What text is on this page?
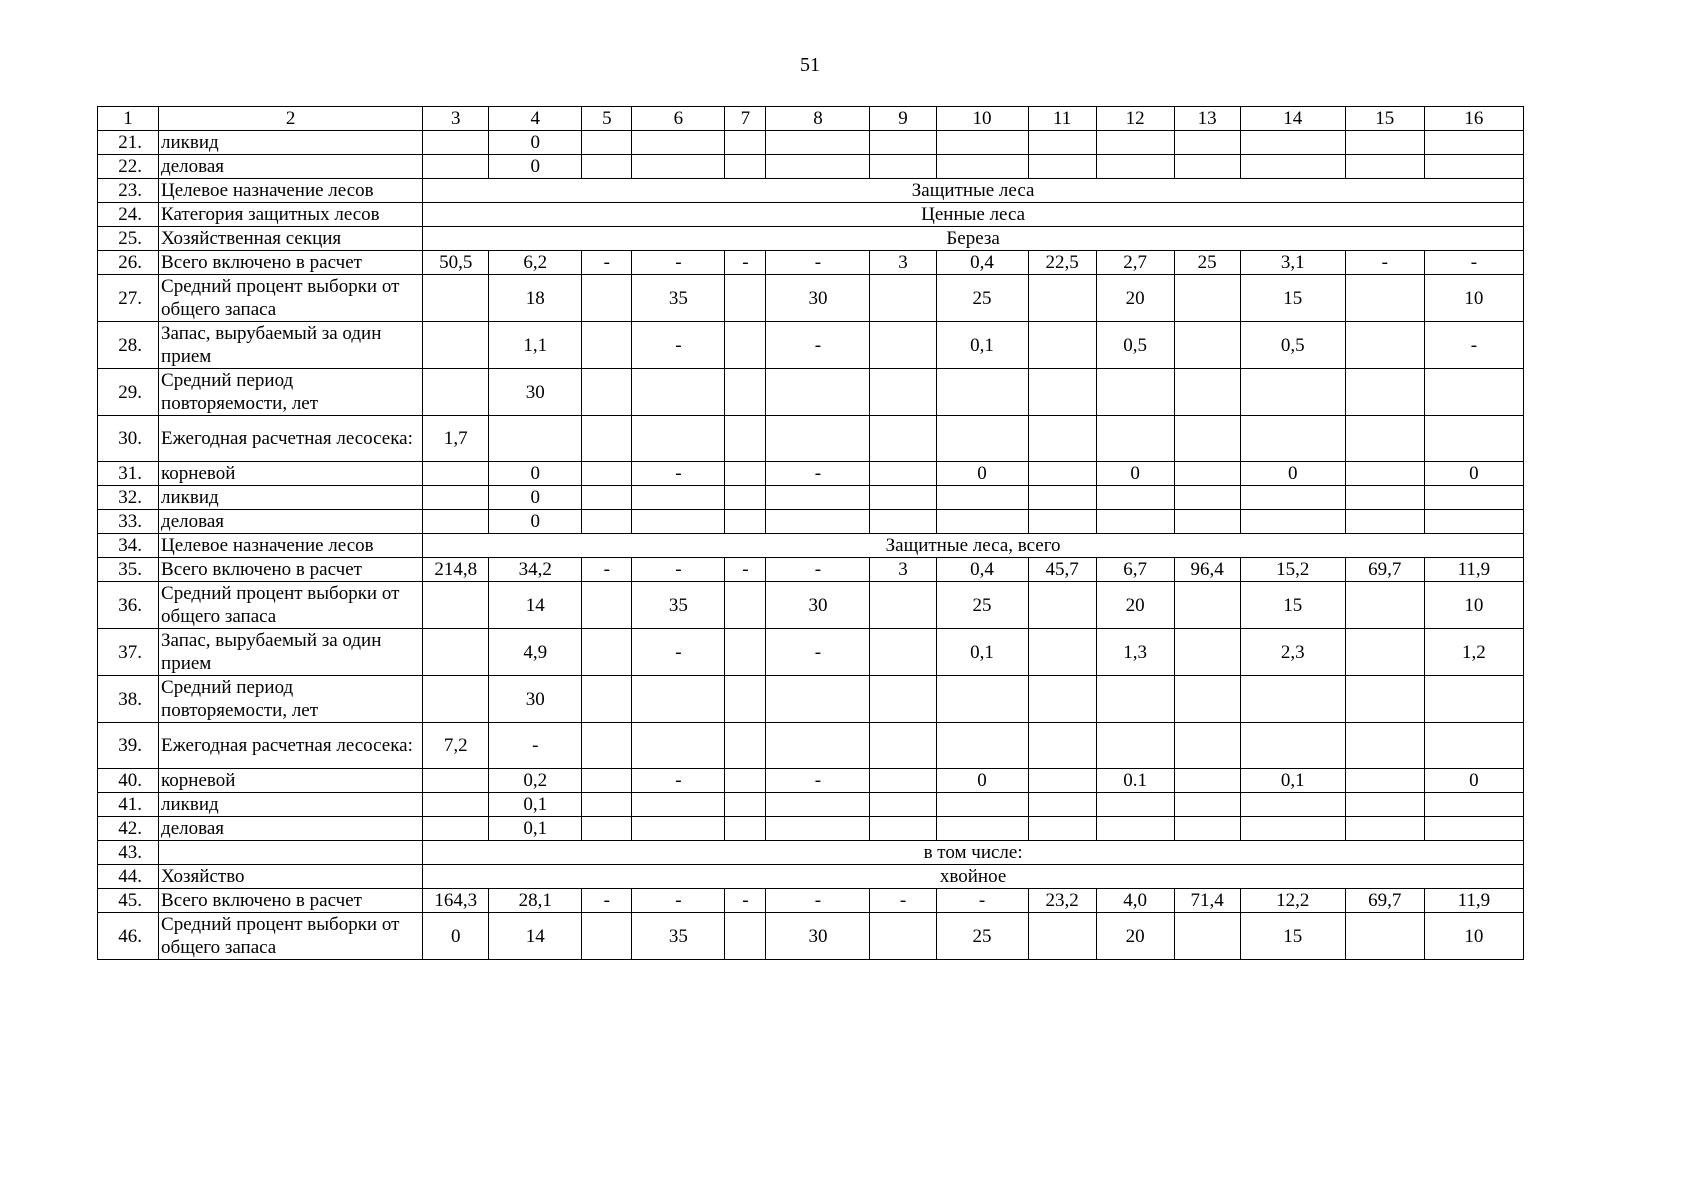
51
1	2	3	4	5	6	7	8	9	10	11	12	13	14	15	16
21.	ликвид		0												
22.	деловая		0												
23.	Целевое назначение лесов	Защитные леса													
24.	Категория защитных лесов	Ценные леса													
25.	Хозяйственная секция	Береза													
26.	Всего включено в расчет	50,5	6,2	-	-	-	-	3	0,4	22,5	2,7	25	3,1	-	-
27.	Средний процент выборки от общего запаса		18		35		30		25		20		15		10
28.	Запас, вырубаемый за один прием		1,1		-		-		0,1		0,5		0,5		-
29.	Средний период повторяемости, лет		30												
30.	Ежегодная расчетная лесосека:	1,7													
31.	корневой		0		-		-		0		0		0		0
32.	ликвид		0												
33.	деловая		0												
34.	Целевое назначение лесов	Защитные леса, всего													
35.	Всего включено в расчет	214,8	34,2	-	-	-	-	3	0,4	45,7	6,7	96,4	15,2	69,7	11,9
36.	Средний процент выборки от общего запаса		14		35		30		25		20		15		10
37.	Запас, вырубаемый за один прием		4,9		-		-		0,1		1,3		2,3		1,2
38.	Средний период повторяемости, лет		30												
39.	Ежегодная расчетная лесосека:	7,2	-												
40.	корневой		0,2		-		-		0		0.1		0,1		0
41.	ликвид		0,1												
42.	деловая		0,1												
43.		в том числе:													
44.	Хозяйство	хвойное													
45.	Всего включено в расчет	164,3	28,1	-	-	-	-	-	-	23,2	4,0	71,4	12,2	69,7	11,9
46.	Средний процент выборки от общего запаса	0	14		35		30		25		20		15		10
